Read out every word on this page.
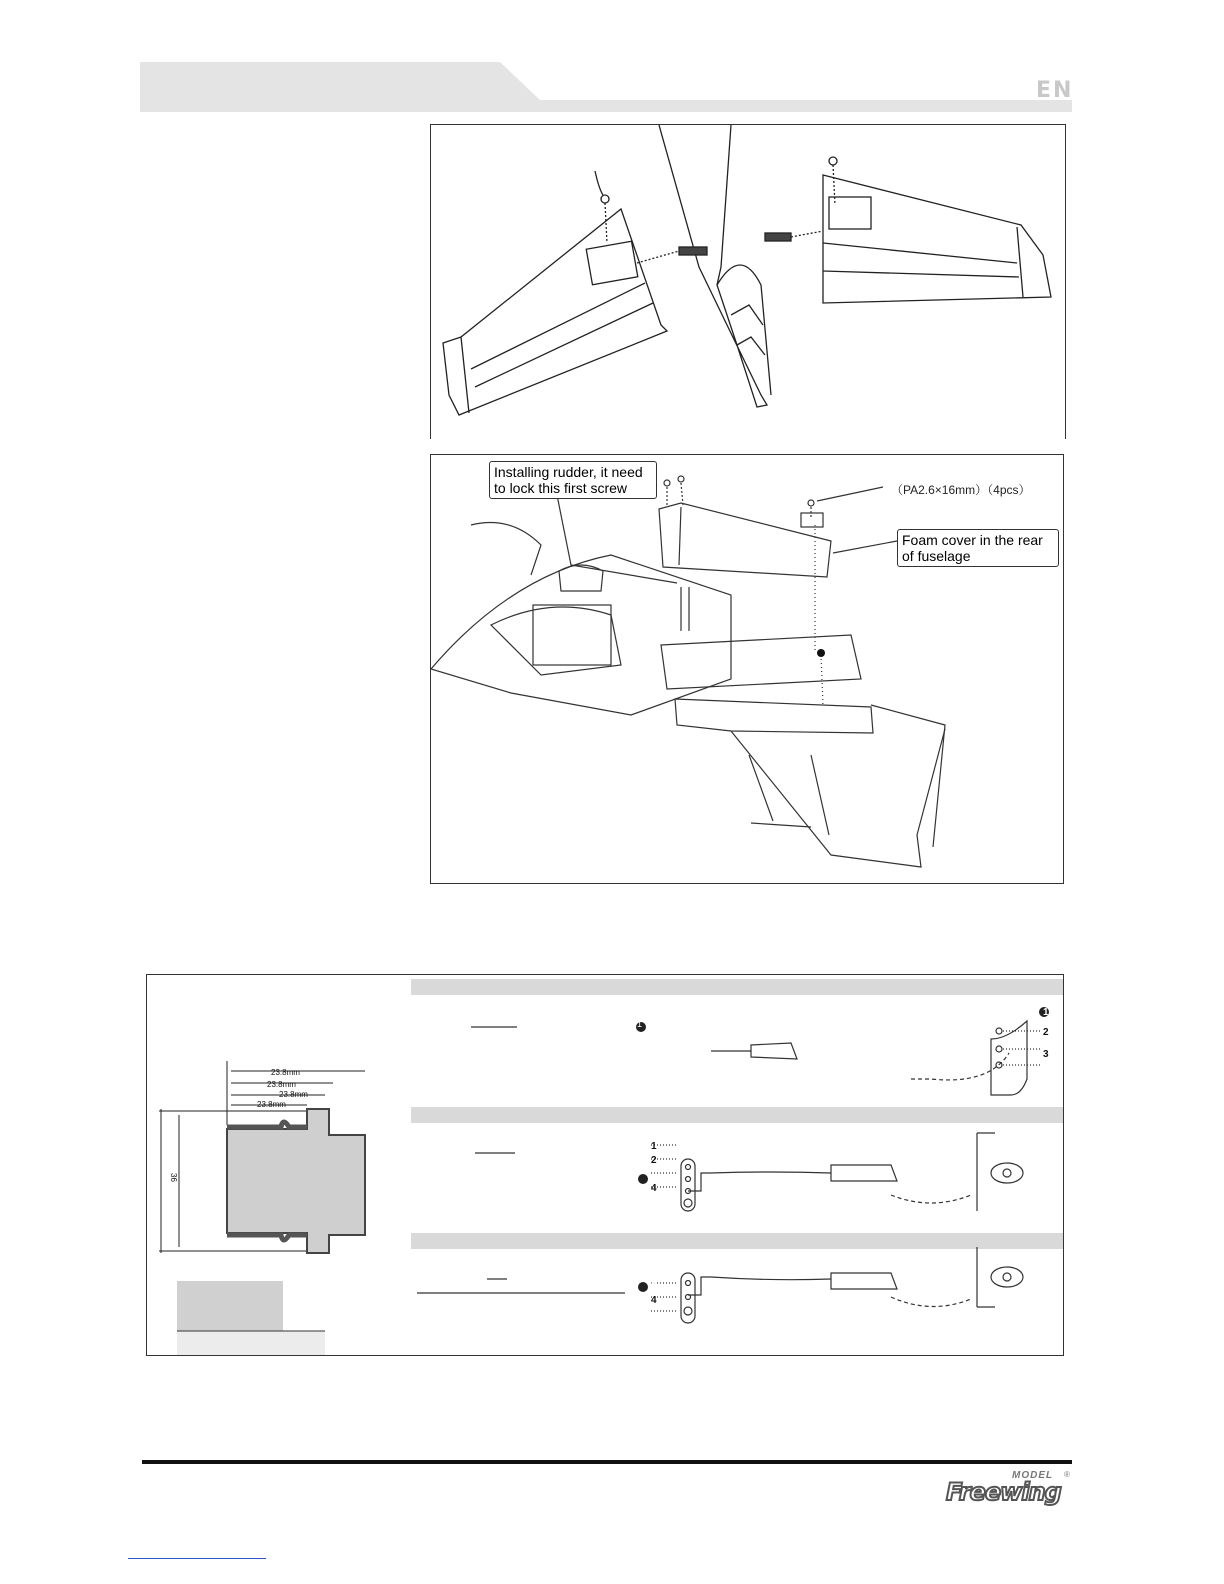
EN
Installing rudder, it need to lock this first screw	（PA2.6×16mm）（4pcs）
Foam cover in the rear of fuselage
23.8mm
23.8mm
23.8mm
23.8mm
36
1
1
2
3
1
2
3
4
3
4
MODEL ®
Freewing
